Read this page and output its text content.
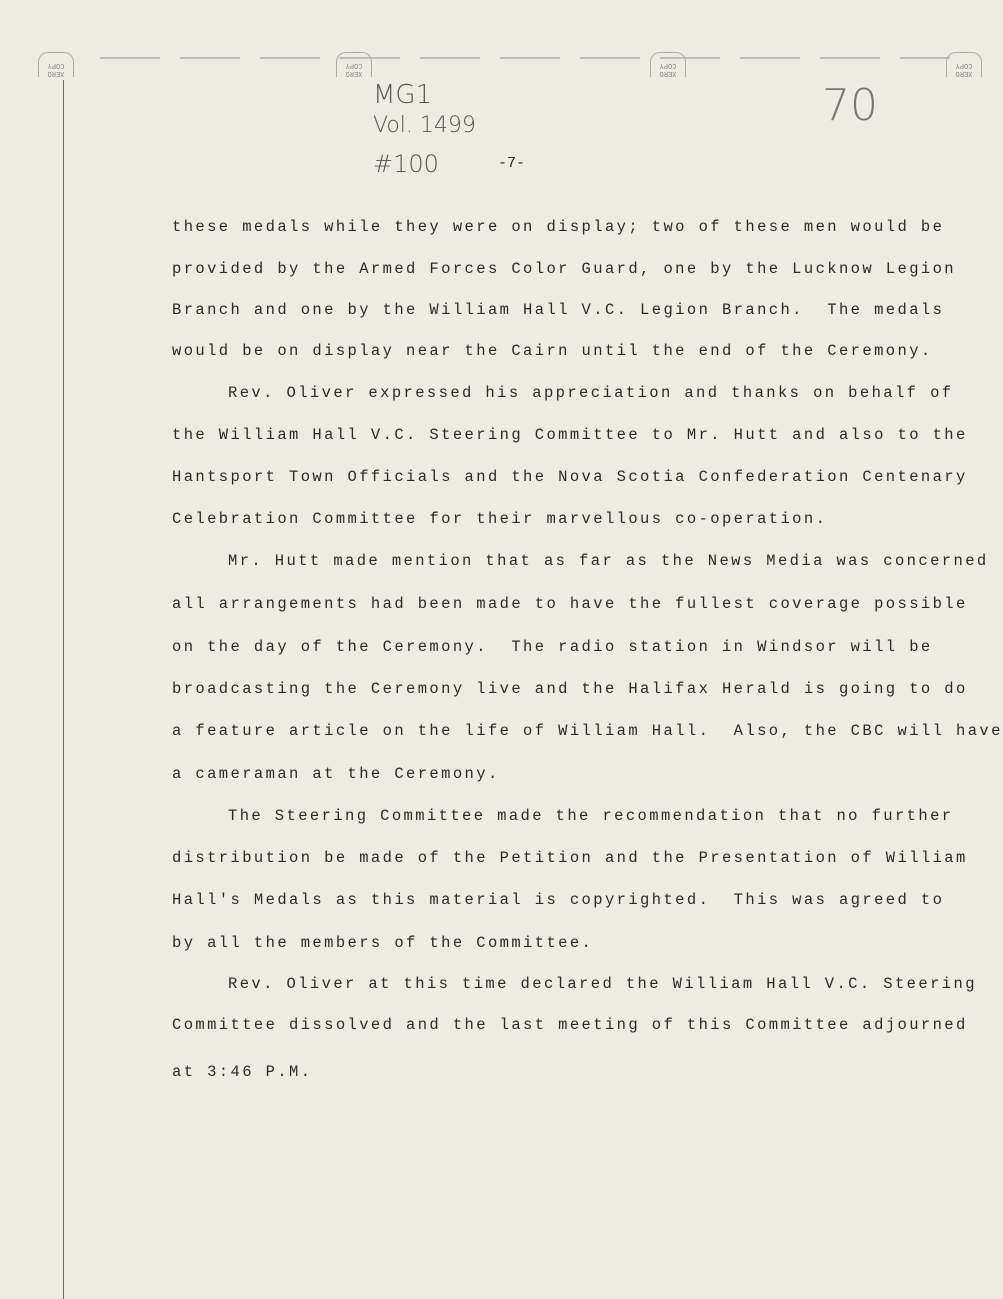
XERO COPY
XERO COPY
XERO COPY
XERO COPY
MG1
Vol. 1499
#100
70
-7-
these medals while they were on display; two of these men would be
provided by the Armed Forces Color Guard, one by the Lucknow Legion
Branch and one by the William Hall V.C. Legion Branch.  The medals
would be on display near the Cairn until the end of the Ceremony.
Rev. Oliver expressed his appreciation and thanks on behalf of
the William Hall V.C. Steering Committee to Mr. Hutt and also to the
Hantsport Town Officials and the Nova Scotia Confederation Centenary
Celebration Committee for their marvellous co-operation.
Mr. Hutt made mention that as far as the News Media was concerned
all arrangements had been made to have the fullest coverage possible
on the day of the Ceremony.  The radio station in Windsor will be
broadcasting the Ceremony live and the Halifax Herald is going to do
a feature article on the life of William Hall.  Also, the CBC will have
a cameraman at the Ceremony.
The Steering Committee made the recommendation that no further
distribution be made of the Petition and the Presentation of William
Hall's Medals as this material is copyrighted.  This was agreed to
by all the members of the Committee.
Rev. Oliver at this time declared the William Hall V.C. Steering
Committee dissolved and the last meeting of this Committee adjourned
at 3:46 P.M.
